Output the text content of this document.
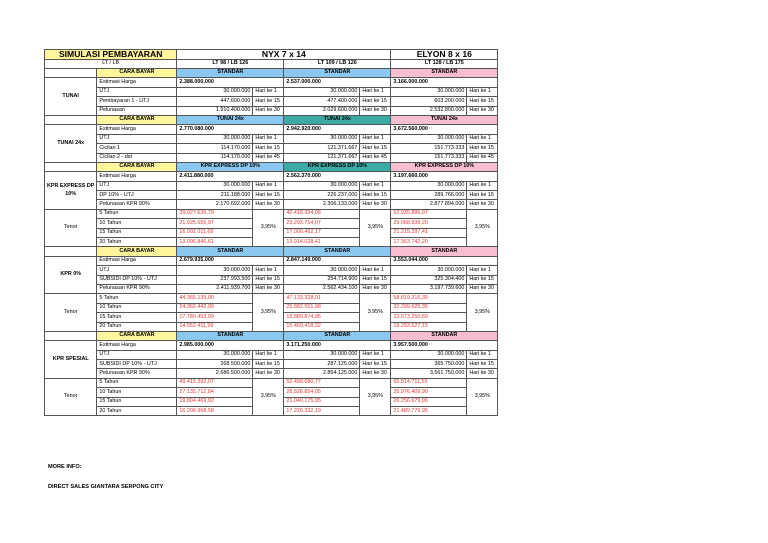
SIMULASI PEMBAYARAN		NYX 7 x 14				ELYON 8 x 16	
LT / LB		LT 98 / LB 126		LT 109 / LB 126		LT 128 / LB 175	
	CARA BAYAR	STANDAR		STANDAR		STANDAR	
TUNAI	Estimasi Harga	2.388.000.000		2.537.000.000		3.166.000.000	
	UTJ	30.000.000	Hari ke 1	30.000.000	Hari ke 1	30.000.000	Hari ke 1
	Pembayaran 1 - UTJ	447.600.000	Hari ke 15	477.400.000	Hari ke 15	603.200.000	Hari ke 15
	Pelunasan	1.910.400.000	Hari ke 30	2.029.600.000	Hari ke 30	2.532.800.000	Hari ke 30
	CARA BAYAR	TUNAI 24x		TUNAI 24x		TUNAI 24x	
TUNAI 24x	Estimasi Harga	2.770.080.000		2.942.920.000		3.672.560.000	
	UTJ	30.000.000	Hari ke 1	30.000.000	Hari ke 1	30.000.000	Hari ke 1
	Cicilan 1	114.170.000	Hari ke 15	121.371.667	Hari ke 15	151.773.333	Hari ke 15
	Cicilan 2 - dst	114.170.000	Hari ke 45	121.371.667	Hari ke 45	151.773.333	Hari ke 45
	CARA BAYAR	KPR EXPRESS DP 10%		KPR EXPRESS DP 10%		KPR EXPRESS DP 10%	

KPR EXPRESS DP
10%	Estimasi Harga	2.411.880.000		2.562.370.000		3.197.660.000	
	UTJ	30.000.000	Hari ke 1	30.000.000	Hari ke 1	30.000.000	Hari ke 1
	DP 10% - UTJ	211.188.000	Hari ke 15	226.237.000	Hari ke 15	289.766.000	Hari ke 15
	Pelunasan KPR 90%	2.170.692.000	Hari ke 30	2.306.133.000	Hari ke 30	2.877.894.000	Hari ke 30
Tenor	5 Tahun	39.927.636,79	3,95%	42.418.934,06	3,95%	52.935.886,97	3,95%
	10 Tahun	21.925.655,97		23.293.714,07		29.068.939,20	
	15 Tahun	16.002.011,69		17.000.462,17		21.215.397,41	
	20 Tahun	13.096.846,61		13.914.028,41		17.363.742,20	
	CARA BAYAR	STANDAR		STANDAR		STANDAR	
KPR 0%	Estimasi Harga	2.679.935.000		2.847.149.000		3.553.044.000	
	UTJ	30.000.000	Hari ke 1	30.000.000	Hari ke 1	30.000.000	Hari ke 1
	SUBSIDI DP 10% - UTJ	237.993.500	Hari ke 15	254.714.900	Hari ke 15	325.304.400	Hari ke 15
	Pelunasan KPR 90%	2.411.939.700	Hari ke 30	2.562.434.100	Hari ke 30	3.197.739.600	Hari ke 30
Tenor	5 Tahun	44.365.139,00	3,95%	47.133.328,01	3,95%	58.819.316,35	3,95%
	10 Tahun	24.362.442,99		25.882.551,98		32.299.625,35	
	15 Tahun	17.780.453,09		18.889.874,95		23.573.250,59	
	20 Tahun	14.552.411,99		15.460.418,32		19.293.527,15	
	CARA BAYAR	STANDAR		STANDAR		STANDAR	
KPR SPESIAL	Estimasi Harga	2.985.000.000		3.171.250.000		3.957.500.000	
	UTJ	30.000.000	Hari ke 1	30.000.000	Hari ke 1	30.000.000	Hari ke 1
	SUBSIDI DP 10% - UTJ	268.500.000	Hari ke 15	287.125.000	Hari ke 15	365.750.000	Hari ke 15
	Pelunasan KPR 90%	2.686.500.000	Hari ke 30	2.854.125.000	Hari ke 30	3.561.750.000	Hari ke 30
Tenor	5 Tahun	49.415.392,07	3,95%	52.498.680,77	3,95%	65.514.711,59	3,95%
	10 Tahun	27.135.712,84		28.828.854,05		35.976.409,90	
	15 Tahun	19.804.469,92		21.040.175,95		26.256.679,96	
	20 Tahun	16.208.968,58		17.220.332,19		21.489.779,95	
MORE INFO:
DIRECT SALES GIANTARA SERPONG CITY
